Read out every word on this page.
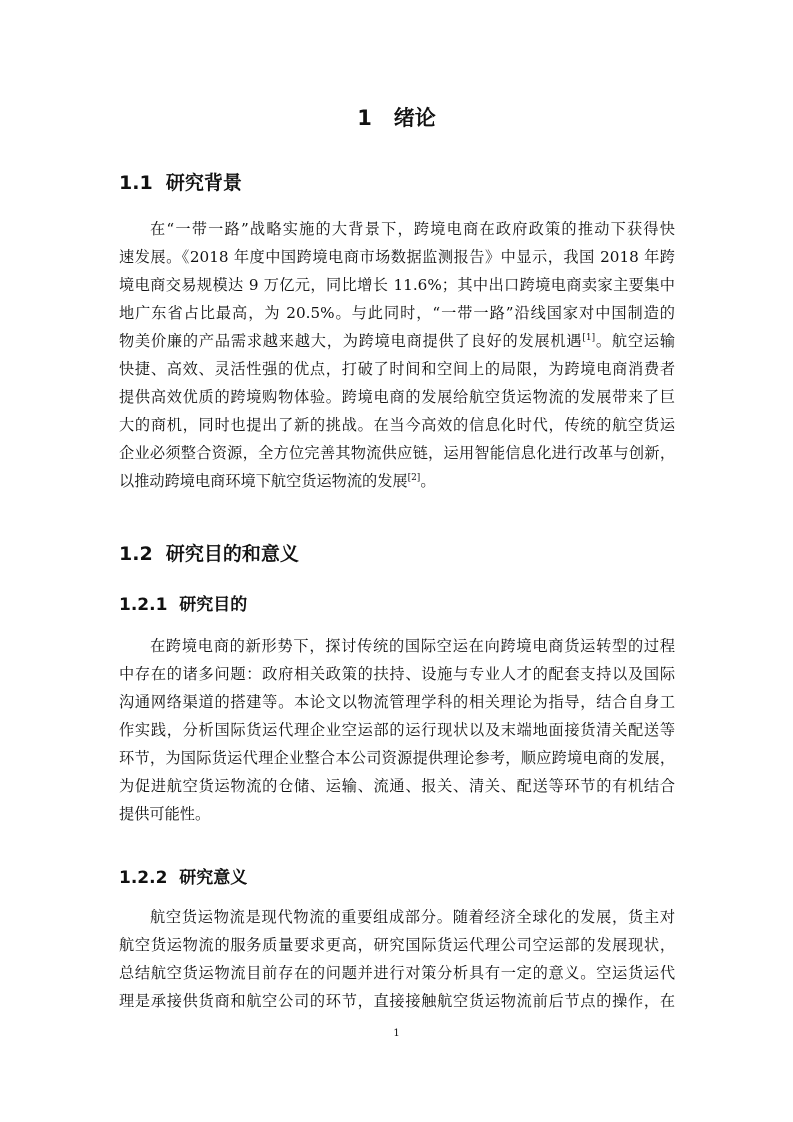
1   绪论
1.1  研究背景
在“一带一路”战略实施的大背景下，跨境电商在政府政策的推动下获得快
速发展。《2018 年度中国跨境电商市场数据监测报告》中显示，我国 2018 年跨
境电商交易规模达 9 万亿元，同比增长 11.6%；其中出口跨境电商卖家主要集中
地广东省占比最高，为 20.5%。与此同时，“一带一路”沿线国家对中国制造的
物美价廉的产品需求越来越大，为跨境电商提供了良好的发展机遇[1]。航空运输
快捷、高效、灵活性强的优点，打破了时间和空间上的局限，为跨境电商消费者
提供高效优质的跨境购物体验。跨境电商的发展给航空货运物流的发展带来了巨
大的商机，同时也提出了新的挑战。在当今高效的信息化时代，传统的航空货运
企业必须整合资源，全方位完善其物流供应链，运用智能信息化进行改革与创新，
以推动跨境电商环境下航空货运物流的发展[2]。
1.2  研究目的和意义
1.2.1  研究目的
在跨境电商的新形势下，探讨传统的国际空运在向跨境电商货运转型的过程
中存在的诸多问题：政府相关政策的扶持、设施与专业人才的配套支持以及国际
沟通网络渠道的搭建等。本论文以物流管理学科的相关理论为指导，结合自身工
作实践，分析国际货运代理企业空运部的运行现状以及末端地面接货清关配送等
环节，为国际货运代理企业整合本公司资源提供理论参考，顺应跨境电商的发展，
为促进航空货运物流的仓储、运输、流通、报关、清关、配送等环节的有机结合
提供可能性。
1.2.2  研究意义
航空货运物流是现代物流的重要组成部分。随着经济全球化的发展，货主对
航空货运物流的服务质量要求更高，研究国际货运代理公司空运部的发展现状，
总结航空货运物流目前存在的问题并进行对策分析具有一定的意义。空运货运代
理是承接供货商和航空公司的环节，直接接触航空货运物流前后节点的操作，在
1
